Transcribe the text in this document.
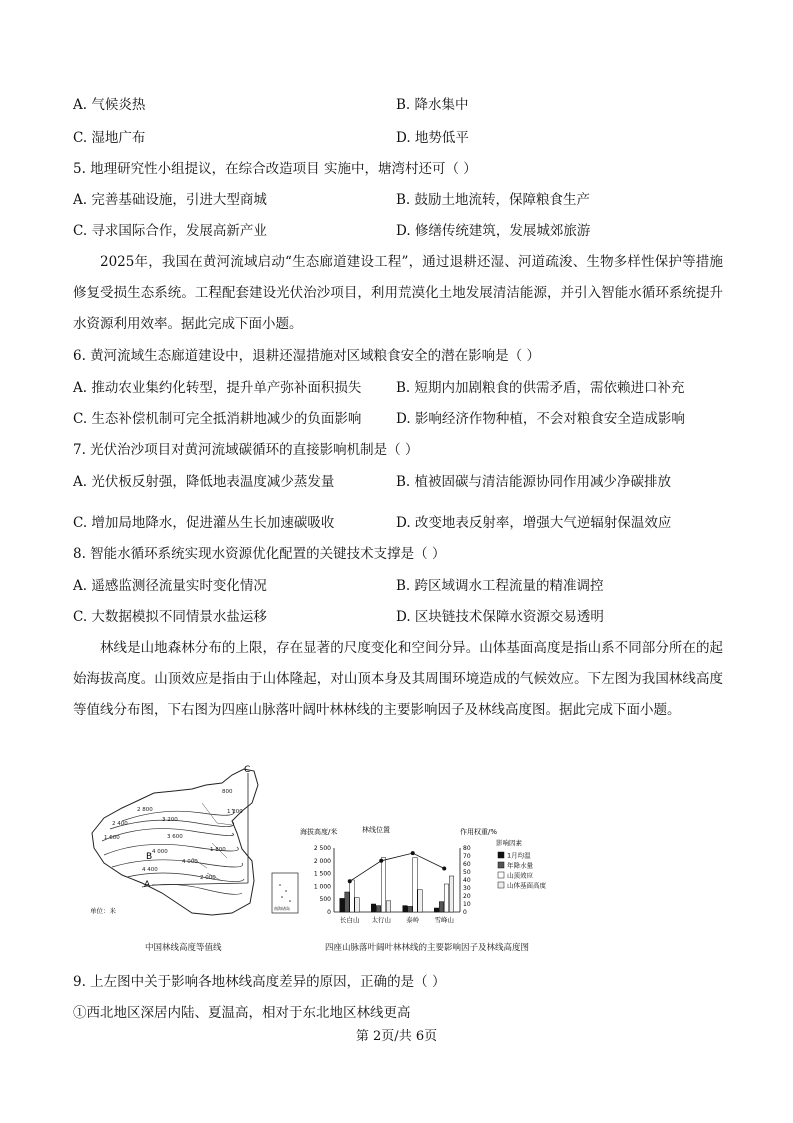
A. 气候炎热	B. 降水集中
C. 湿地广布	D. 地势低平
5. 地理研究性小组提议，在综合改造项目 实施中，塘湾村还可（ ）
A. 完善基础设施，引进大型商城	B. 鼓励土地流转，保障粮食生产
C. 寻求国际合作，发展高新产业	D. 修缮传统建筑，发展城郊旅游
2025年，我国在黄河流域启动“生态廊道建设工程”，通过退耕还湿、河道疏浚、生物多样性保护等措施修复受损生态系统。工程配套建设光伏治沙项目，利用荒漠化土地发展清洁能源，并引入智能水循环系统提升水资源利用效率。据此完成下面小题。
6. 黄河流域生态廊道建设中，退耕还湿措施对区域粮食安全的潜在影响是（ ）
A. 推动农业集约化转型，提升单产弥补面积损失	B. 短期内加剧粮食的供需矛盾，需依赖进口补充
C. 生态补偿机制可完全抵消耕地减少的负面影响	D. 影响经济作物种植，不会对粮食安全造成影响
7. 光伏治沙项目对黄河流域碳循环的直接影响机制是（ ）
A. 光伏板反射强，降低地表温度减少蒸发量	B. 植被固碳与清洁能源协同作用减少净碳排放
C. 增加局地降水，促进灌丛生长加速碳吸收	D. 改变地表反射率，增强大气逆辐射保温效应
8. 智能水循环系统实现水资源优化配置的关键技术支撑是（ ）
A. 遥感监测径流量实时变化情况	B. 跨区域调水工程流量的精准调控
C. 大数据模拟不同情景水盐运移	D. 区块链技术保障水资源交易透明
林线是山地森林分布的上限，存在显著的尺度变化和空间分异。山体基面高度是指山系不同部分所在的起始海拔高度。山顶效应是指由于山体隆起，对山顶本身及其周围环境造成的气候效应。下左图为我国林线高度等值线分布图，下右图为四座山脉落叶阔叶林林线的主要影响因子及林线高度图。据此完成下面小题。
C
B
A
1 600
2 400
2 800
3 200
3 600
4 000
4 400
800
1 200
1 800
2 000
4 000
单位：米	南海诸岛
中国林线高度等值线
海拔高度/米	林线位置	作用权重/%
影响因素
2 500
2 000
1 500
1 000
500
0
80
70
60
50
40
30
20
10
0
长白山 太行山 泰岭 雪峰山
1月均温
年降水量
山顶效应
山体基面高度
四座山脉落叶阔叶林林线的主要影响因子及林线高度图
9. 上左图中关于影响各地林线高度差异的原因，正确的是（ ）
①西北地区深居内陆、夏温高，相对于东北地区林线更高
第 2页/共 6页
